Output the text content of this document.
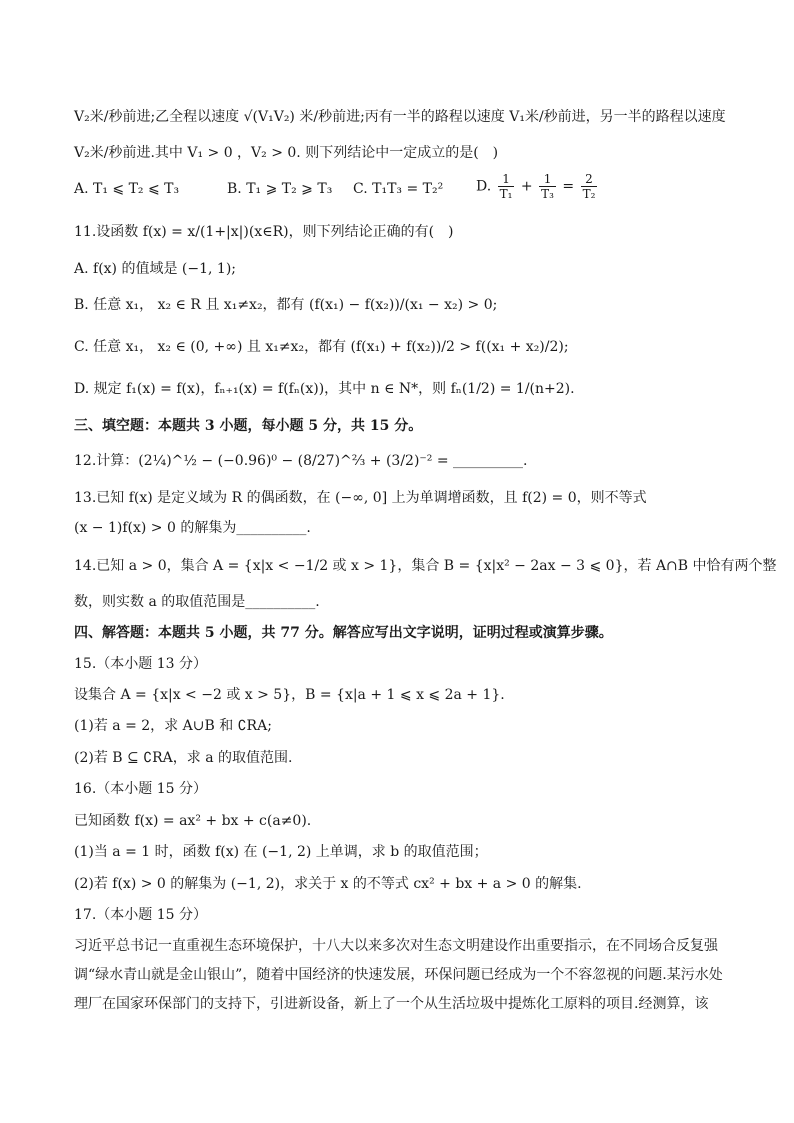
V₂米/秒前进;乙全程以速度 √(V₁V₂) 米/秒前进;丙有一半的路程以速度 V₁米/秒前进，另一半的路程以速度
V₂米/秒前进.其中 V₁ > 0 ，V₂ > 0. 则下列结论中一定成立的是(　)
A. T₁ ⩽ T₂ ⩽ T₃	B. T₁ ⩾ T₂ ⩾ T₃ C. T₁T₃ = T₂² D. $\frac{1}{\text{T₁}} + \frac{1}{\text{T₃}} = \frac{2}{\text{T₂}}$
11.设函数 f(x) = x/(1+|x|)(x∈R)，则下列结论正确的有(　)
A. f(x) 的值域是 (−1, 1);
B. 任意 x₁， x₂ ∈ R 且 x₁≠x₂，都有 (f(x₁) − f(x₂))/(x₁ − x₂) > 0;
C. 任意 x₁， x₂ ∈ (0, +∞) 且 x₁≠x₂，都有 (f(x₁) + f(x₂))/2 > f((x₁ + x₂)/2);
D. 规定 f₁(x) = f(x)，fₙ₊₁(x) = f(fₙ(x))，其中 n ∈ N*，则 fₙ(1/2) = 1/(n+2).
三、填空题：本题共 3 小题，每小题 5 分，共 15 分。
12.计算：(2¼)^½ − (−0.96)⁰ − (8/27)^⅔ + (3/2)⁻² = __________.
13.已知 f(x) 是定义域为 R 的偶函数，在 (−∞, 0] 上为单调增函数，且 f(2) = 0，则不等式
(x − 1)f(x) > 0 的解集为__________.
14.已知 a > 0，集合 A = {x|x < −1/2 或 x > 1}，集合 B = {x|x² − 2ax − 3 ⩽ 0}，若 A∩B 中恰有两个整
数，则实数 a 的取值范围是__________.
四、解答题：本题共 5 小题，共 77 分。解答应写出文字说明，证明过程或演算步骤。
15.（本小题 13 分）
设集合 A = {x|x < −2 或 x > 5}，B = {x|a + 1 ⩽ x ⩽ 2a + 1}.
(1)若 a = 2，求 A∪B 和 ∁RA;
(2)若 B ⊆ ∁RA，求 a 的取值范围.
16.（本小题 15 分）
已知函数 f(x) = ax² + bx + c(a≠0).
(1)当 a = 1 时，函数 f(x) 在 (−1, 2) 上单调，求 b 的取值范围；
(2)若 f(x) > 0 的解集为 (−1, 2)，求关于 x 的不等式 cx² + bx + a > 0 的解集.
17.（本小题 15 分）
习近平总书记一直重视生态环境保护，十八大以来多次对生态文明建设作出重要指示，在不同场合反复强调“绿水青山就是金山银山”，随着中国经济的快速发展，环保问题已经成为一个不容忽视的问题.某污水处理厂在国家环保部门的支持下，引进新设备，新上了一个从生活垃圾中提炼化工原料的项目.经测算，该
